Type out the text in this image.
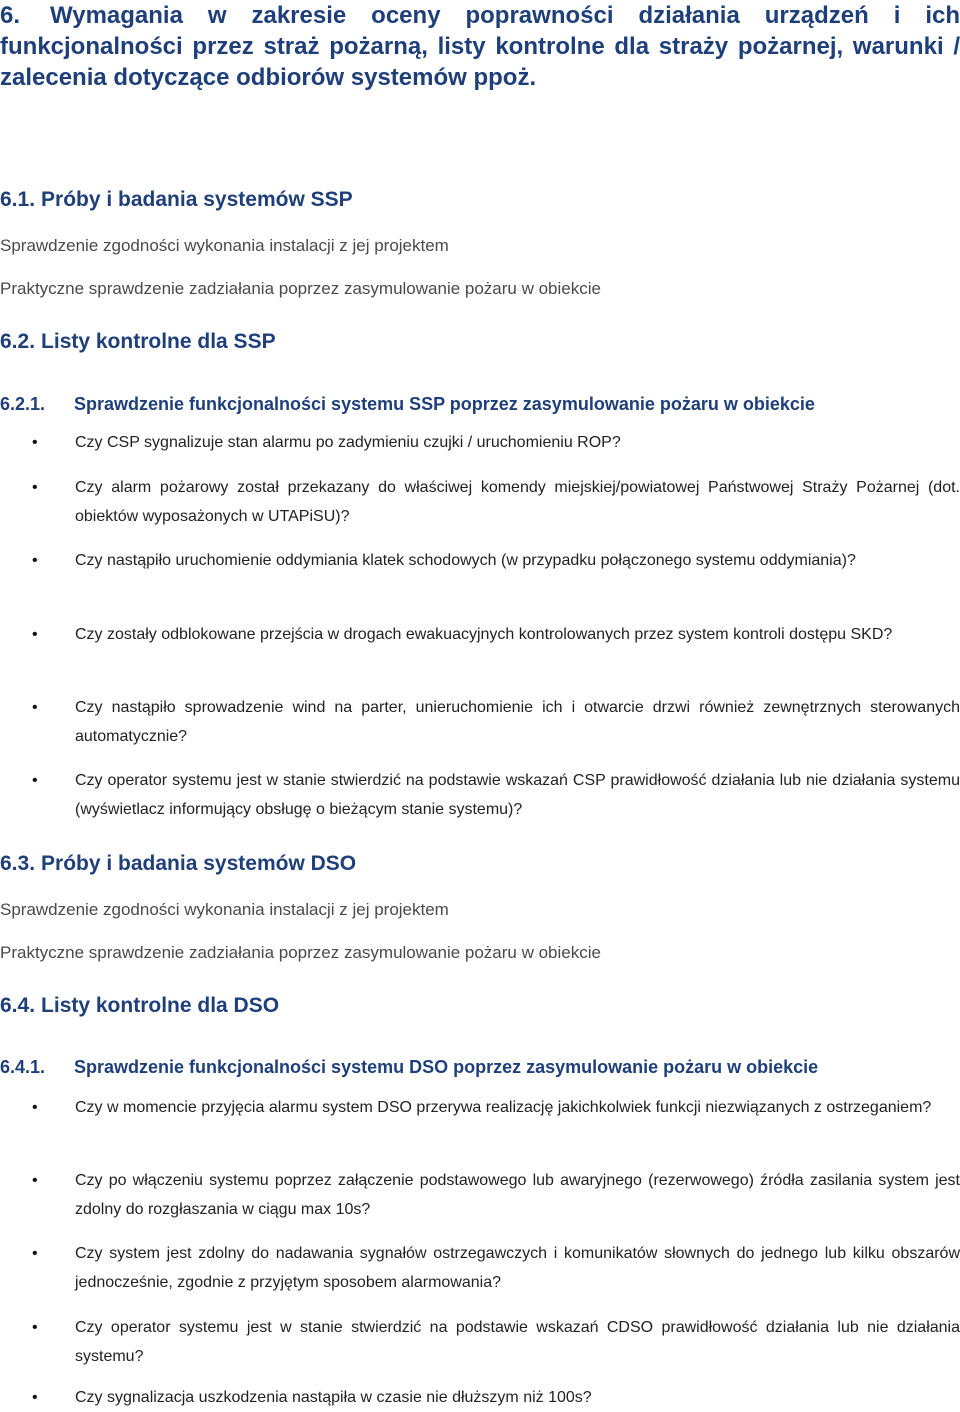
6. Wymagania w zakresie oceny poprawności działania urządzeń i ich funkcjonalności przez straż pożarną, listy kontrolne dla straży pożarnej, warunki / zalecenia dotyczące odbiorów systemów ppoż.
6.1. Próby i badania systemów SSP
Sprawdzenie zgodności wykonania instalacji z jej projektem
Praktyczne sprawdzenie zadziałania poprzez zasymulowanie pożaru w obiekcie
6.2. Listy kontrolne dla SSP
6.2.1. Sprawdzenie funkcjonalności systemu SSP poprzez zasymulowanie pożaru w obiekcie
• Czy CSP sygnalizuje stan alarmu po zadymieniu czujki / uruchomieniu ROP?
• Czy alarm pożarowy został przekazany do właściwej komendy miejskiej/powiatowej Państwowej Straży Pożarnej (dot. obiektów wyposażonych w UTAPiSU)?
• Czy nastąpiło uruchomienie oddymiania klatek schodowych (w przypadku połączonego systemu oddymiania)?
• Czy zostały odblokowane przejścia w drogach ewakuacyjnych kontrolowanych przez system kontroli dostępu SKD?
• Czy nastąpiło sprowadzenie wind na parter, unieruchomienie ich i otwarcie drzwi również zewnętrznych sterowanych automatycznie?
• Czy operator systemu jest w stanie stwierdzić na podstawie wskazań CSP prawidłowość działania lub nie działania systemu (wyświetlacz informujący obsługę o bieżącym stanie systemu)?
6.3. Próby i badania systemów DSO
Sprawdzenie zgodności wykonania instalacji z jej projektem
Praktyczne sprawdzenie zadziałania poprzez zasymulowanie pożaru w obiekcie
6.4. Listy kontrolne dla DSO
6.4.1. Sprawdzenie funkcjonalności systemu DSO poprzez zasymulowanie pożaru w obiekcie
• Czy w momencie przyjęcia alarmu system DSO przerywa realizację jakichkolwiek funkcji niezwiązanych z ostrzeganiem?
• Czy po włączeniu systemu poprzez załączenie podstawowego lub awaryjnego (rezerwowego) źródła zasilania system jest zdolny do rozgłaszania w ciągu max 10s?
• Czy system jest zdolny do nadawania sygnałów ostrzegawczych i komunikatów słownych do jednego lub kilku obszarów jednocześnie, zgodnie z przyjętym sposobem alarmowania?
• Czy operator systemu jest w stanie stwierdzić na podstawie wskazań CDSO prawidłowość działania lub nie działania systemu?
• Czy sygnalizacja uszkodzenia nastąpiła w czasie nie dłuższym niż 100s?
